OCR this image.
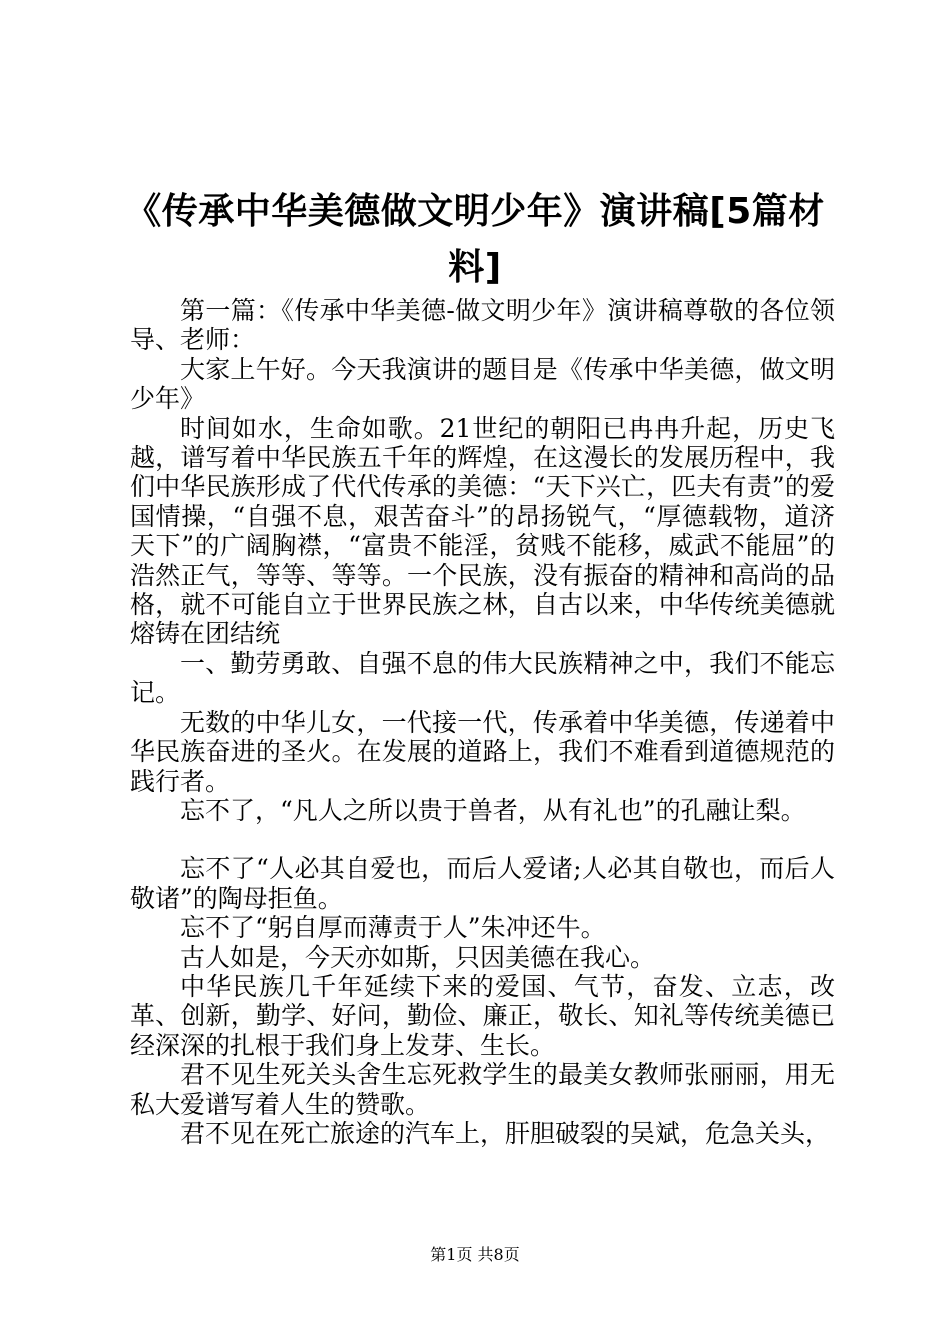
《传承中华美德做文明少年》演讲稿[5篇材料]

第一篇：《传承中华美德-做文明少年》演讲稿尊敬的各位领导、老师：

大家上午好。今天我演讲的题目是《传承中华美德，做文明少年》

时间如水，生命如歌。21世纪的朝阳已冉冉升起，历史飞越，谱写着中华民族五千年的辉煌，在这漫长的发展历程中，我们中华民族形成了代代传承的美德：“天下兴亡，匹夫有责”的爱国情操，“自强不息，艰苦奋斗”的昂扬锐气，“厚德载物，道济天下”的广阔胸襟，“富贵不能淫，贫贱不能移，威武不能屈”的浩然正气，等等、等等。一个民族，没有振奋的精神和高尚的品格，就不可能自立于世界民族之林，自古以来，中华传统美德就熔铸在团结统

一、勤劳勇敢、自强不息的伟大民族精神之中，我们不能忘记。

无数的中华儿女，一代接一代，传承着中华美德，传递着中华民族奋进的圣火。在发展的道路上，我们不难看到道德规范的践行者。

忘不了，“凡人之所以贵于兽者，从有礼也”的孔融让梨。

忘不了“人必其自爱也，而后人爱诸;人必其自敬也，而后人敬诸”的陶母拒鱼。

忘不了“躬自厚而薄责于人”朱冲还牛。

古人如是，今天亦如斯，只因美德在我心。

中华民族几千年延续下来的爱国、气节，奋发、立志，改革、创新，勤学、好问，勤俭、廉正，敬长、知礼等传统美德已经深深的扎根于我们身上发芽、生长。

君不见生死关头舍生忘死救学生的最美女教师张丽丽，用无私大爱谱写着人生的赞歌。

君不见在死亡旅途的汽车上，肝胆破裂的吴斌，危急关头，

第1页 共8页
